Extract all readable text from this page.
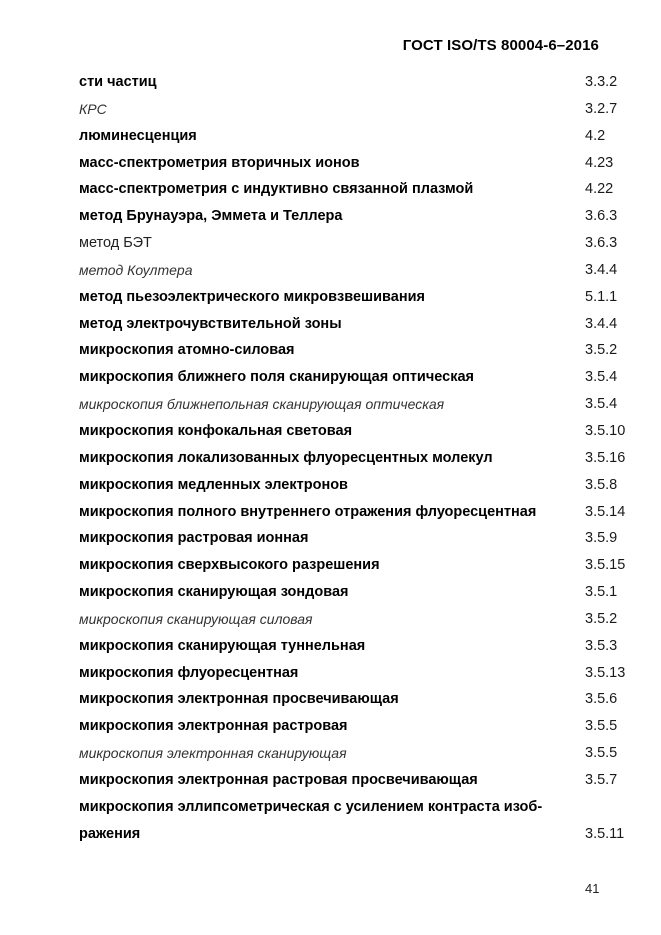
ГОСТ ISO/TS 80004-6–2016
сти частиц	3.3.2
КРС	3.2.7
люминесценция	4.2
масс-спектрометрия вторичных ионов	4.23
масс-спектрометрия с индуктивно связанной плазмой	4.22
метод Брунауэра, Эммета и Теллера	3.6.3
метод БЭТ	3.6.3
метод Коултера	3.4.4
метод пьезоэлектрического микровзвешивания	5.1.1
метод электрочувствительной зоны	3.4.4
микроскопия атомно-силовая	3.5.2
микроскопия ближнего поля сканирующая оптическая	3.5.4
микроскопия ближнепольная сканирующая оптическая	3.5.4
микроскопия конфокальная световая	3.5.10
микроскопия локализованных флуоресцентных молекул	3.5.16
микроскопия медленных электронов	3.5.8
микроскопия полного внутреннего отражения флуоресцентная	3.5.14
микроскопия растровая ионная	3.5.9
микроскопия сверхвысокого разрешения	3.5.15
микроскопия сканирующая зондовая	3.5.1
микроскопия сканирующая силовая	3.5.2
микроскопия сканирующая туннельная	3.5.3
микроскопия флуоресцентная	3.5.13
микроскопия электронная просвечивающая	3.5.6
микроскопия электронная растровая	3.5.5
микроскопия электронная сканирующая	3.5.5
микроскопия электронная растровая просвечивающая	3.5.7
микроскопия эллипсометрическая с усилением контраста изоб-
ражения	3.5.11
41
